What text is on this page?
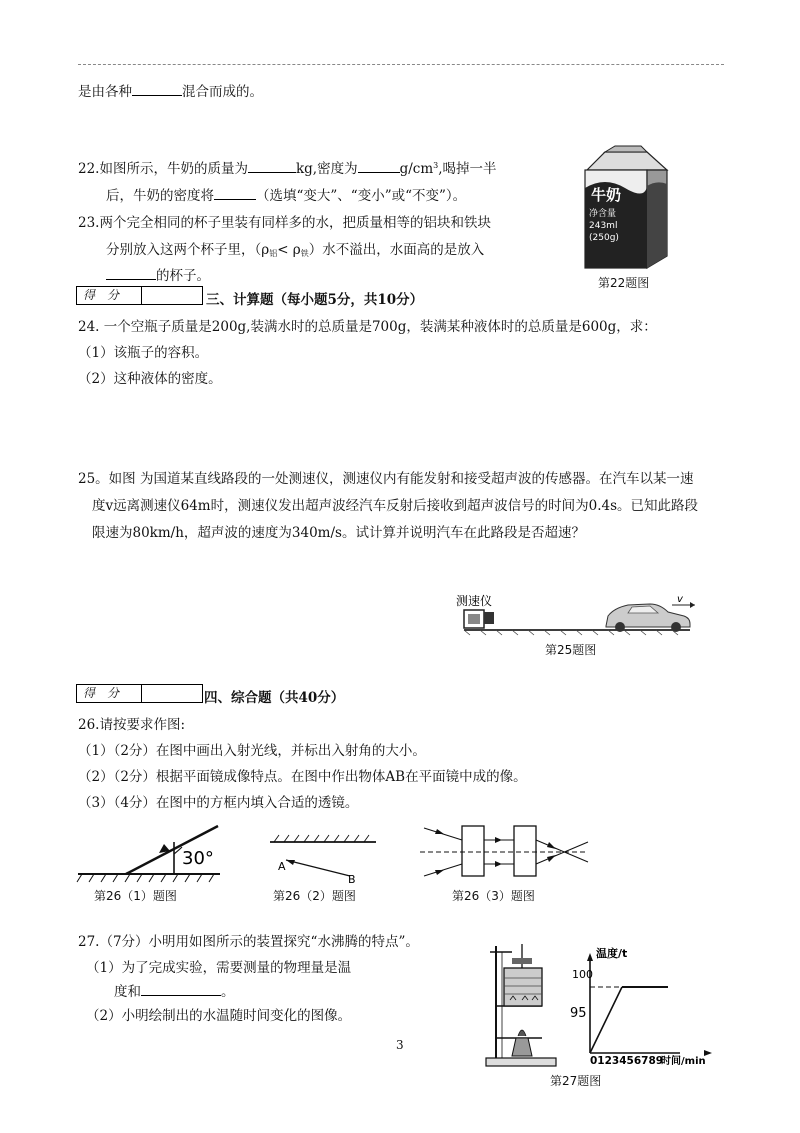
是由各种	混合而成的。
22.如图所示，牛奶的质量为	kg,密度为	$g/cm^3$,喝掉一半
后，牛奶的密度将	（选填“变大”、“变小”或“不变”）。	牛奶
净含量
243ml
(250g)
第22题图
23.两个完全相同的杯子里装有同样多的水，把质量相等的铝块和铁块
分别放入这两个杯子里，$(\rho_铝< \rho_铁)$水不溢出，水面高的是放入
的杯子。
得　分	三、计算题（每小题5分，共10分）
24. 一个空瓶子质量是200g,装满水时的总质量是700g，装满某种液体时的总质量是600g，求：
（1）该瓶子的容积。
（2）这种液体的密度。
25。如图 为国道某直线路段的一处测速仪，测速仪内有能发射和接受超声波的传感器。在汽车以某一速
度v远离测速仪64m时，测速仪发出超声波经汽车反射后接收到超声波信号的时间为0.4s。已知此路段
限速为80km/h，超声波的速度为340m/s。试计算并说明汽车在此路段是否超速？
测速仪	v
第25题图
得　分	四、综合题（共40分）
26.请按要求作图:
（1）（2分）在图中画出入射光线，并标出入射角的大小。
（2）（2分）根据平面镜成像特点。在图中作出物体AB在平面镜中成的像。
（3）（4分）在图中的方框内填入合适的透镜。
30°
第26（1）题图
A
B
第26（2）题图	第26（3）题图
27.（7分）小明用如图所示的装置探究“水沸腾的特点”。
（1）为了完成实验，需要测量的物理量是温
度和	。
（2）小明绘制出的水温随时间变化的图像。
温度/t
100
95
0123456789
时间/min
第27题图
3
